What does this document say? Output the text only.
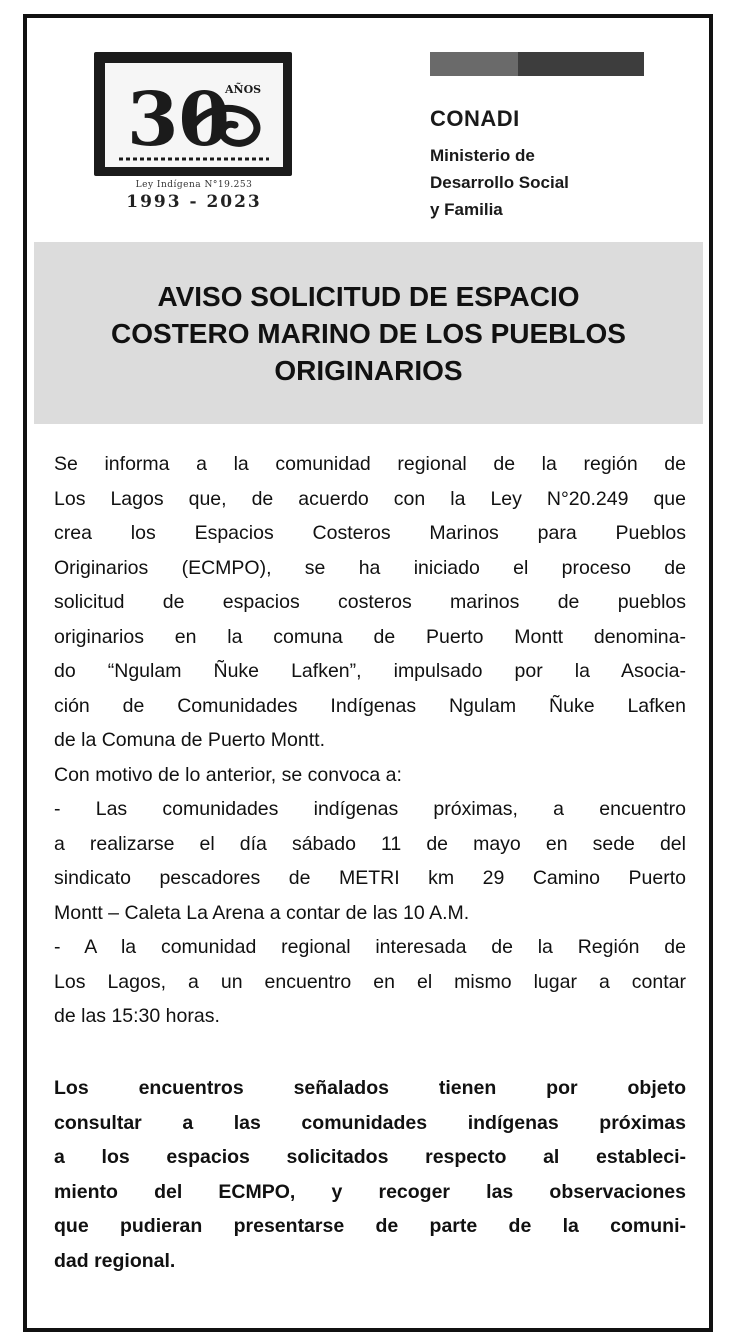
AÑOS
30
Ley Indígena N°19.253
1993 - 2023
CONADI
Ministerio de
Desarrollo Social
y Familia
AVISO SOLICITUD DE ESPACIO
COSTERO MARINO DE LOS PUEBLOS
ORIGINARIOS
Se informa a la comunidad regional de la región de
Los Lagos que, de acuerdo con la Ley N°20.249 que
crea los Espacios Costeros Marinos para Pueblos
Originarios (ECMPO), se ha iniciado el proceso de
solicitud de espacios costeros marinos de pueblos
originarios en la comuna de Puerto Montt denomina-
do “Ngulam Ñuke Lafken”, impulsado por la Asocia-
ción de Comunidades Indígenas Ngulam Ñuke Lafken
de la Comuna de Puerto Montt.
Con motivo de lo anterior, se convoca a:
- Las comunidades indígenas próximas, a encuentro
a realizarse el día sábado 11 de mayo en sede del
sindicato pescadores de METRI km 29 Camino Puerto
Montt – Caleta La Arena a contar de las 10 A.M.
- A la comunidad regional interesada de la Región de
Los Lagos, a un encuentro en el mismo lugar a contar
de las 15:30 horas.
Los encuentros señalados tienen por objeto
consultar a las comunidades indígenas próximas
a los espacios solicitados respecto al estableci-
miento del ECMPO, y recoger las observaciones
que pudieran presentarse de parte de la comuni-
dad regional.
